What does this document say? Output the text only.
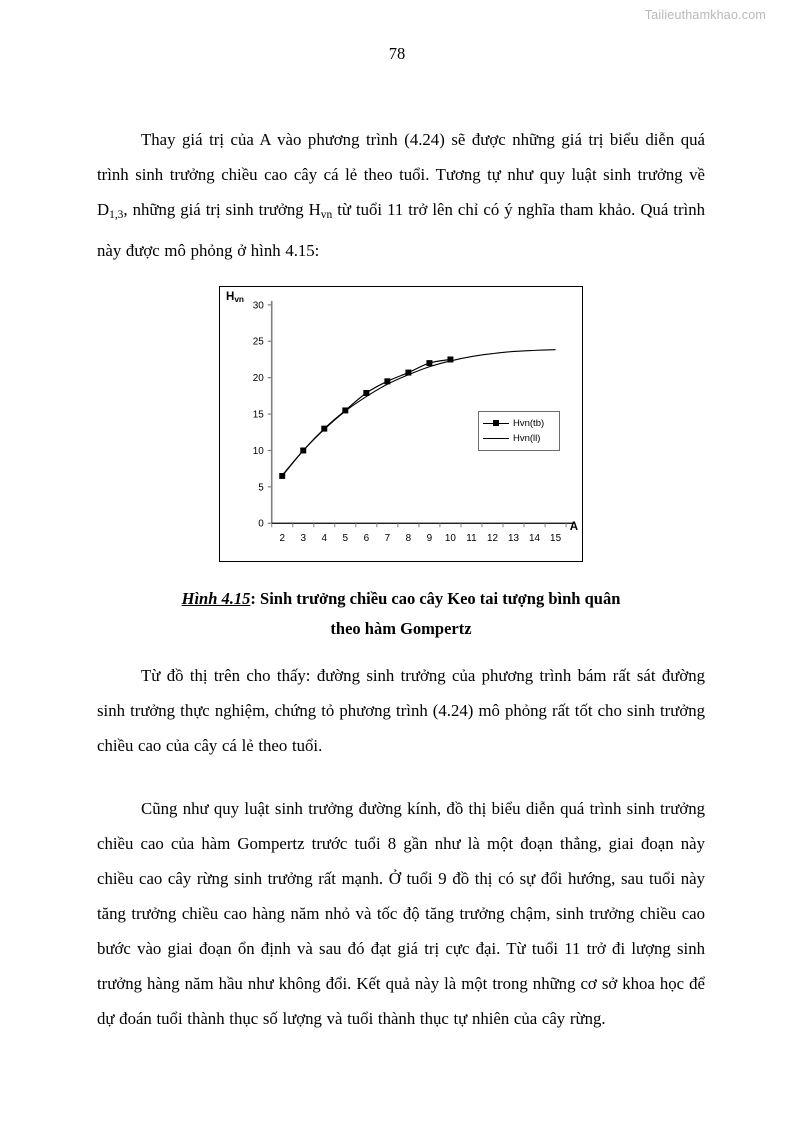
Tailieuthamkhao.com
78

Thay giá trị của A vào phương trình (4.24) sẽ được những giá trị biểu diễn quá trình sinh trưởng chiều cao cây cá lẻ theo tuổi. Tương tự như quy luật sinh trưởng về $D_{1,3}$, những giá trị sinh trưởng $H_{vn}$ từ tuổi 11 trở lên chỉ có ý nghĩa tham khảo. Quá trình này được mô phỏng ở hình 4.15:

$H_{vn}$
A
0
5
10
15
20
25
30
2 3 4 5 6 7 8 9 10 11 12 13 14 15
Hvn(tb)
Hvn(ll)
Hình 4.15: Sinh trưởng chiều cao cây Keo tai tượng bình quân
theo hàm Gompertz

Từ đồ thị trên cho thấy: đường sinh trưởng của phương trình bám rất sát đường sinh trưởng thực nghiệm, chứng tỏ phương trình (4.24) mô phỏng rất tốt cho sinh trưởng chiều cao của cây cá lẻ theo tuổi.

Cũng như quy luật sinh trưởng đường kính, đồ thị biểu diễn quá trình sinh trưởng chiều cao của hàm Gompertz trước tuổi 8 gần như là một đoạn thẳng, giai đoạn này chiều cao cây rừng sinh trưởng rất mạnh. Ở tuổi 9 đồ thị có sự đổi hướng, sau tuổi này tăng trưởng chiều cao hàng năm nhỏ và tốc độ tăng trưởng chậm, sinh trưởng chiều cao bước vào giai đoạn ổn định và sau đó đạt giá trị cực đại. Từ tuổi 11 trở đi lượng sinh trưởng hàng năm hầu như không đổi. Kết quả này là một trong những cơ sở khoa học để dự đoán tuổi thành thục số lượng và tuổi thành thục tự nhiên của cây rừng.
